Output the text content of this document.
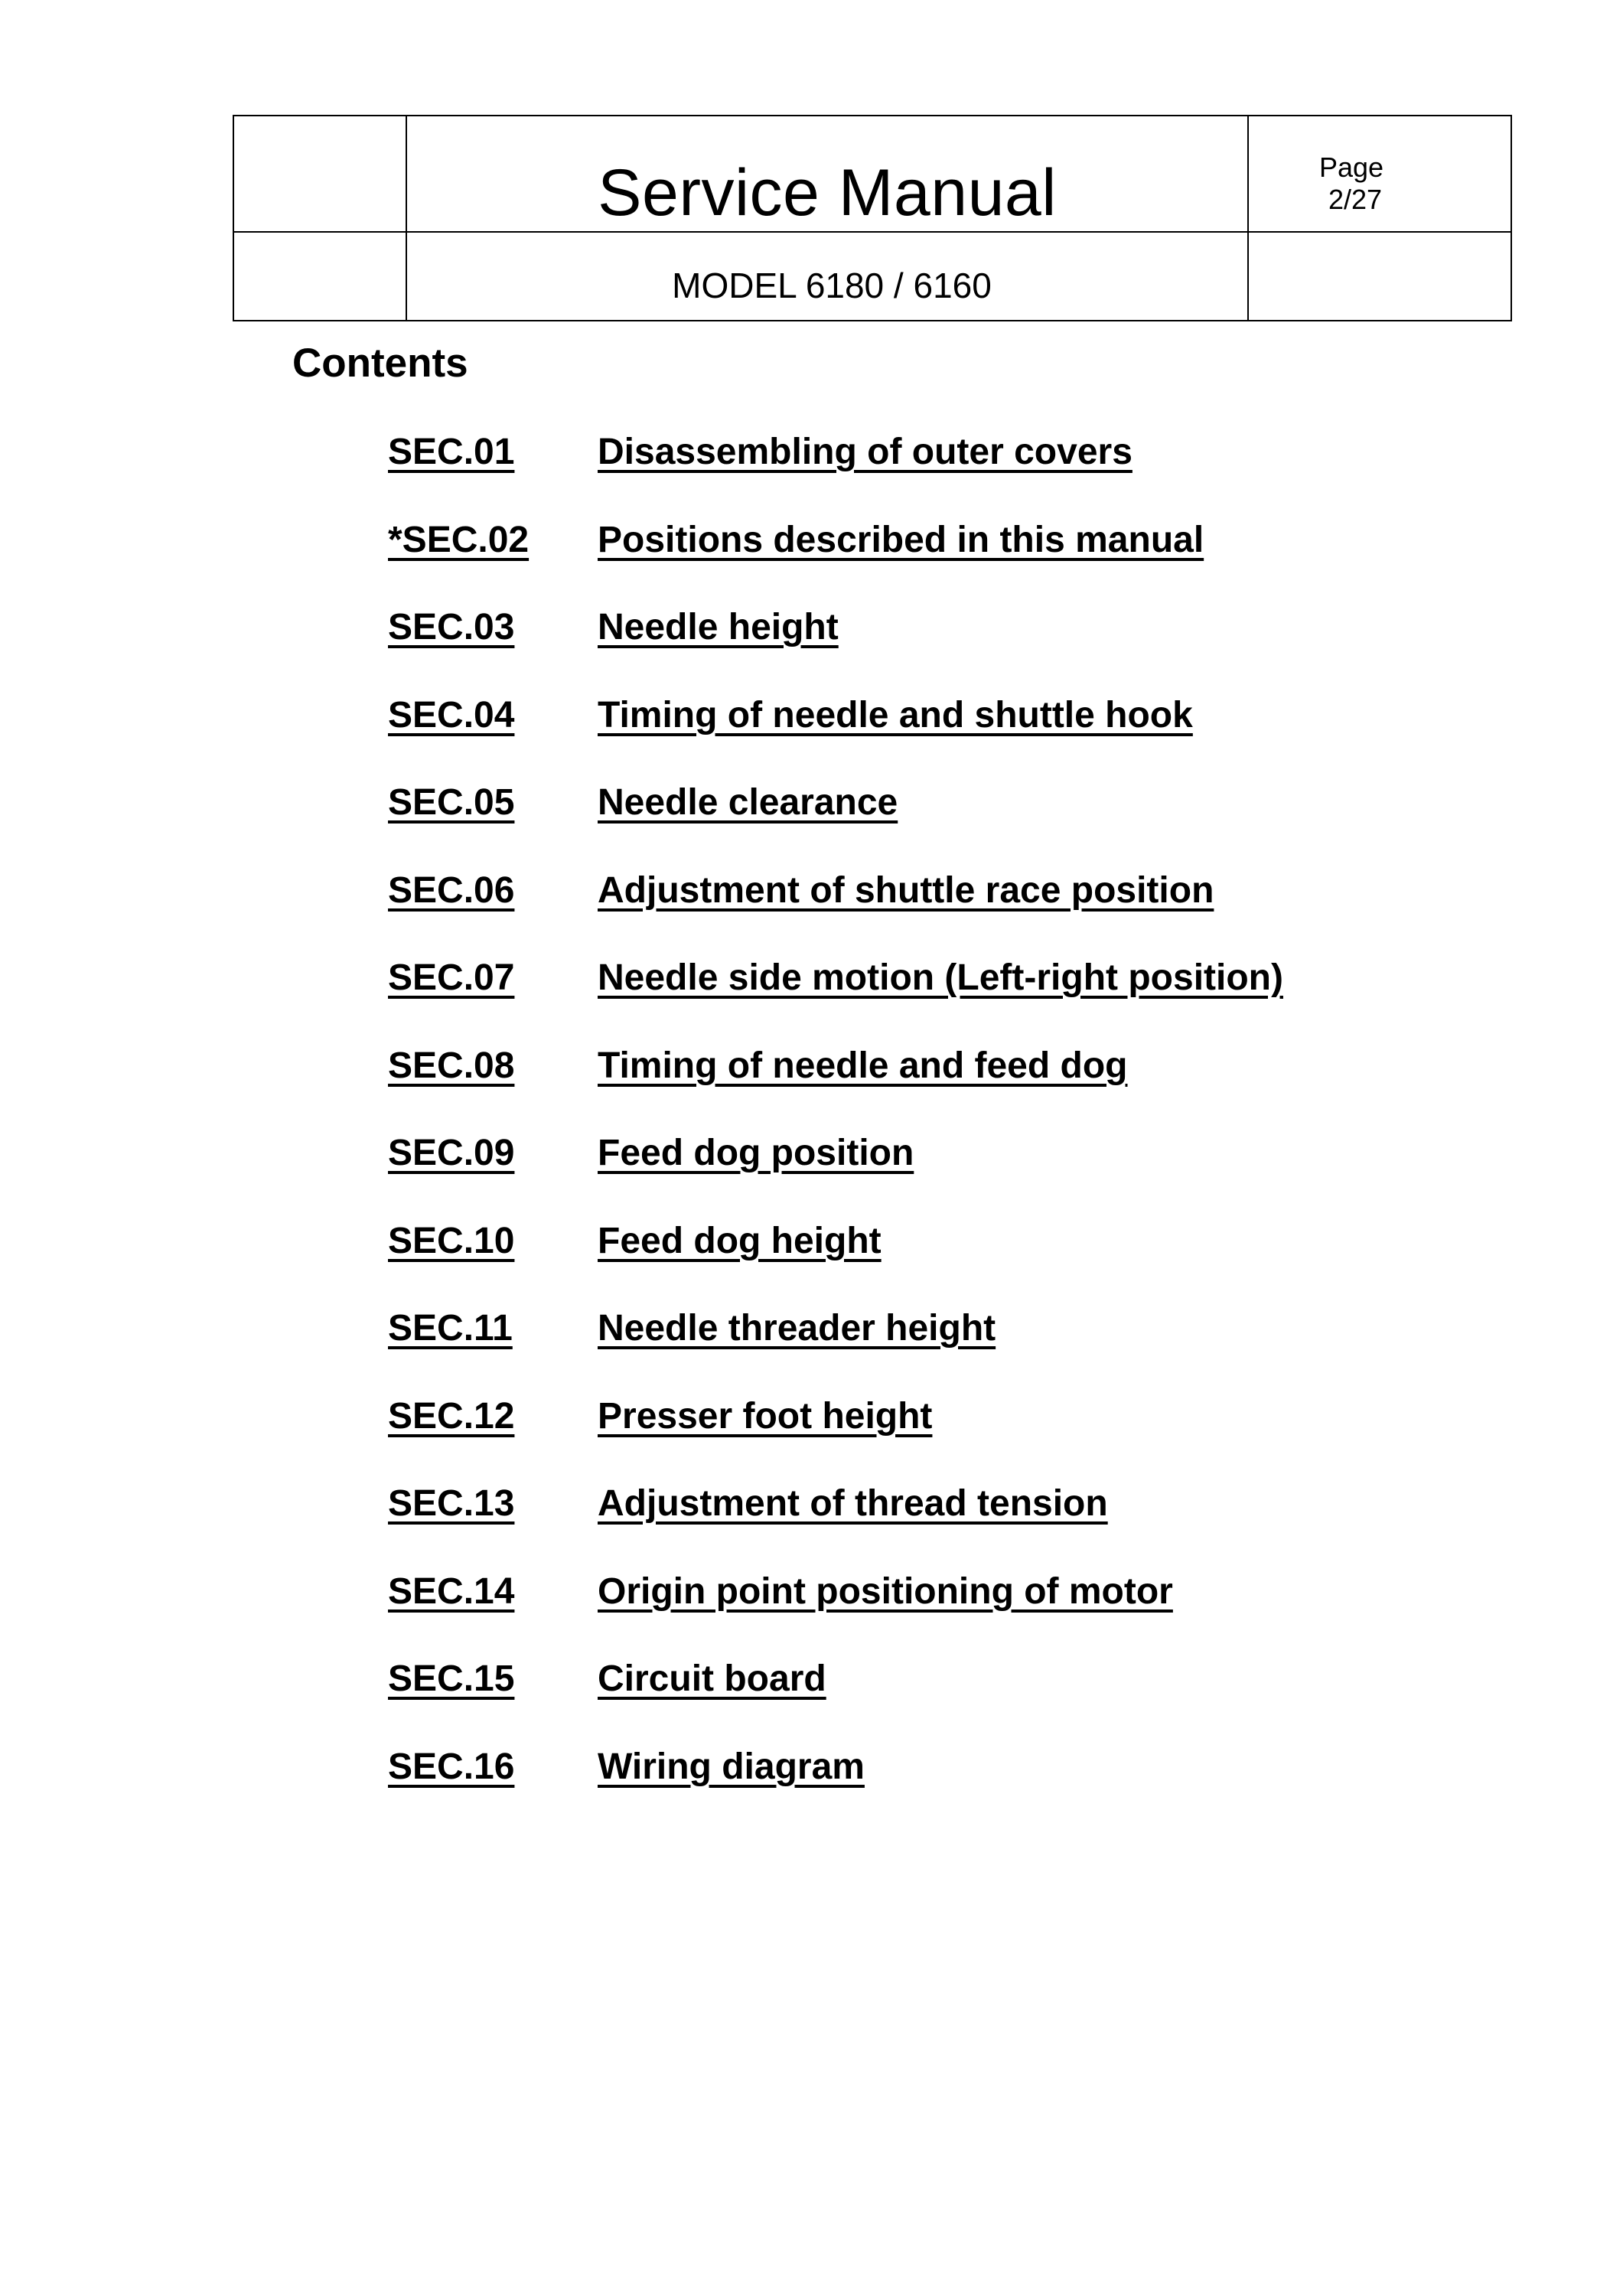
	Service Manual	Page
2/27

	MODEL 6180 / 6160	

Contents
SEC.01	Disassembling of outer covers
*SEC.02	Positions described in this manual
SEC.03	Needle height
SEC.04	Timing of needle and shuttle hook
SEC.05	Needle clearance
SEC.06	Adjustment of shuttle race position
SEC.07	Needle side motion (Left-right position)
SEC.08	Timing of needle and feed dog
SEC.09	Feed dog position
SEC.10	Feed dog height
SEC.11	Needle threader height
SEC.12	Presser foot height
SEC.13	Adjustment of thread tension
SEC.14	Origin point positioning of motor
SEC.15	Circuit board
SEC.16	Wiring diagram
